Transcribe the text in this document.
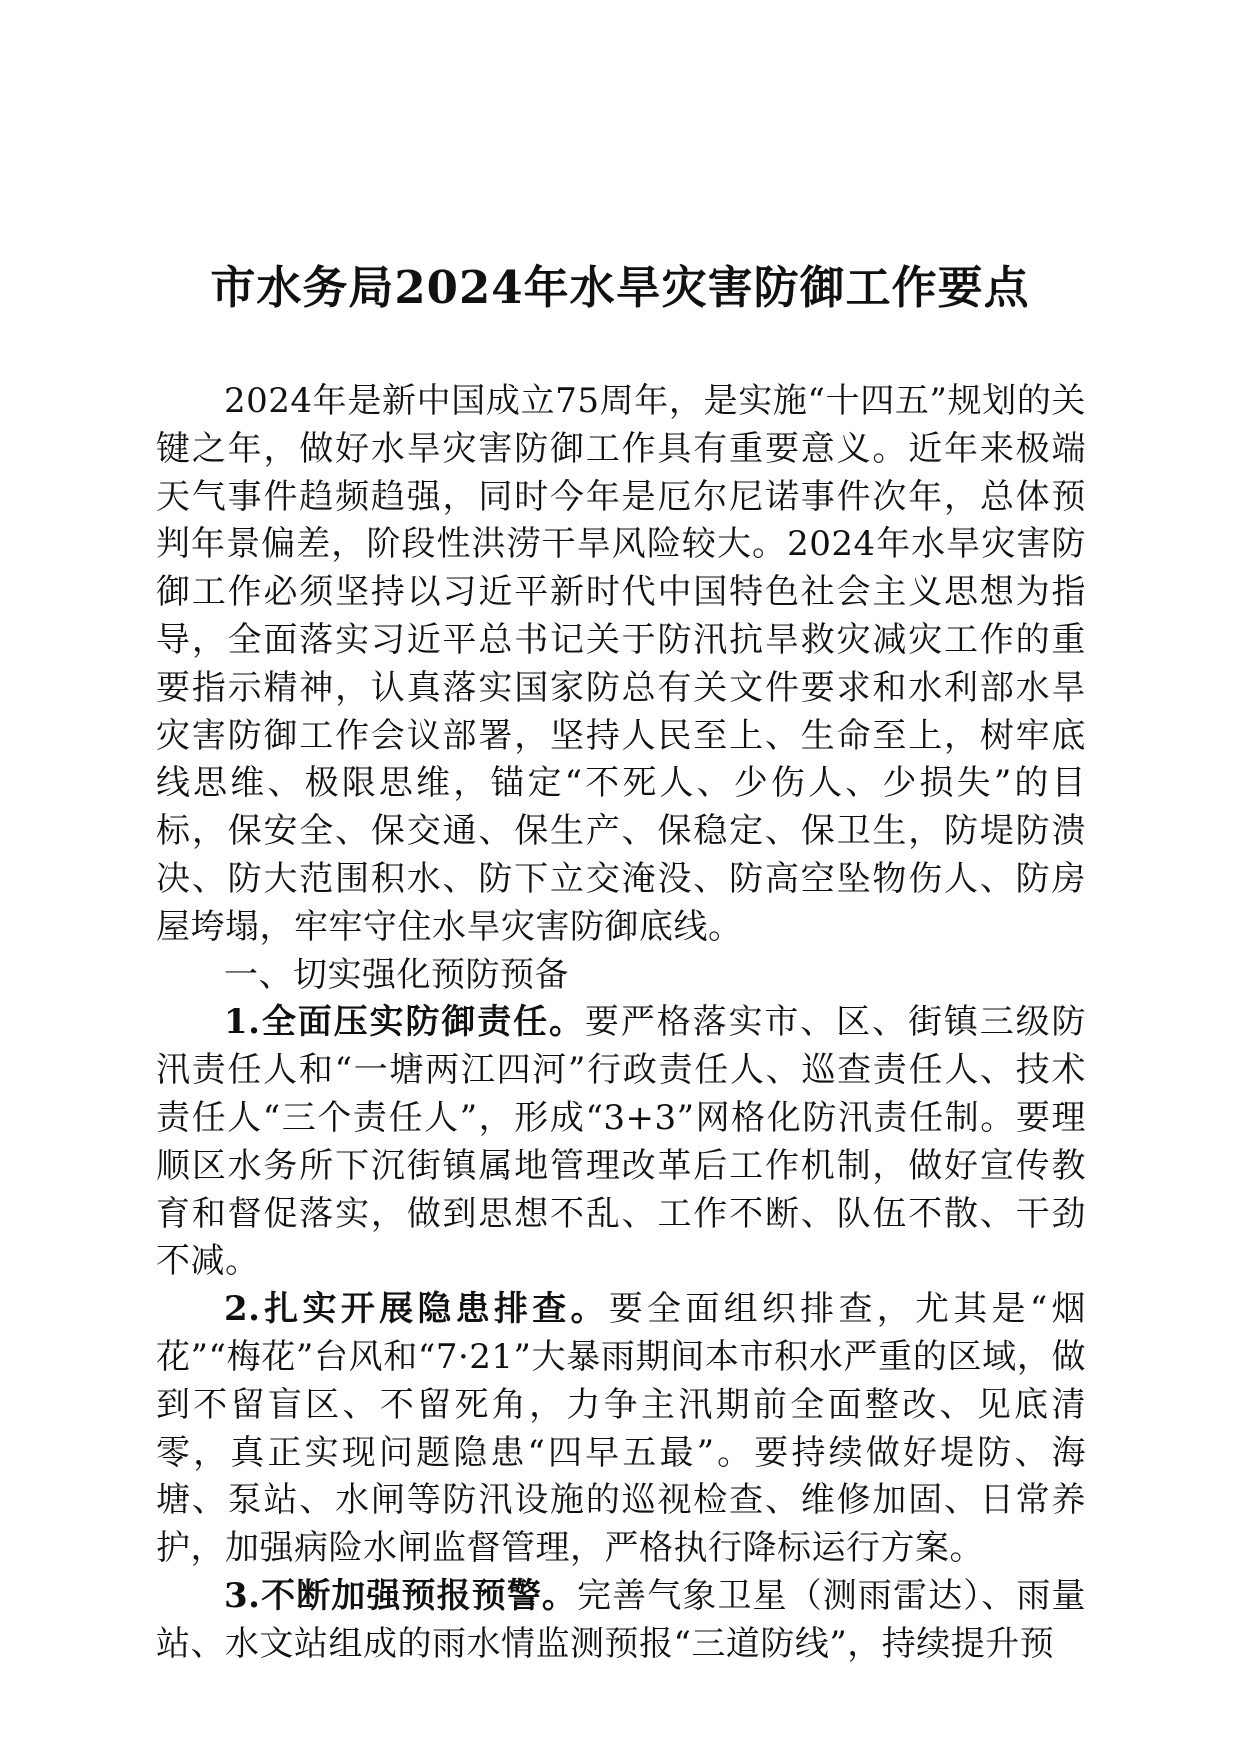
市水务局2024年水旱灾害防御工作要点

2024年是新中国成立75周年，是实施“十四五”规划的关键之年，做好水旱灾害防御工作具有重要意义。近年来极端天气事件趋频趋强，同时今年是厄尔尼诺事件次年，总体预判年景偏差，阶段性洪涝干旱风险较大。2024年水旱灾害防御工作必须坚持以习近平新时代中国特色社会主义思想为指导，全面落实习近平总书记关于防汛抗旱救灾减灾工作的重要指示精神，认真落实国家防总有关文件要求和水利部水旱灾害防御工作会议部署，坚持人民至上、生命至上，树牢底线思维、极限思维，锚定“不死人、少伤人、少损失”的目标，保安全、保交通、保生产、保稳定、保卫生，防堤防溃决、防大范围积水、防下立交淹没、防高空坠物伤人、防房屋垮塌，牢牢守住水旱灾害防御底线。

一、切实强化预防预备

1.全面压实防御责任。要严格落实市、区、街镇三级防汛责任人和“一塘两江四河”行政责任人、巡查责任人、技术责任人“三个责任人”，形成“3+3”网格化防汛责任制。要理顺区水务所下沉街镇属地管理改革后工作机制，做好宣传教育和督促落实，做到思想不乱、工作不断、队伍不散、干劲不减。

2.扎实开展隐患排查。要全面组织排查，尤其是“烟花”“梅花”台风和“7·21”大暴雨期间本市积水严重的区域，做到不留盲区、不留死角，力争主汛期前全面整改、见底清零，真正实现问题隐患“四早五最”。要持续做好堤防、海塘、泵站、水闸等防汛设施的巡视检查、维修加固、日常养护，加强病险水闸监督管理，严格执行降标运行方案。

3.不断加强预报预警。完善气象卫星（测雨雷达）、雨量站、水文站组成的雨水情监测预报“三道防线”，持续提升预
